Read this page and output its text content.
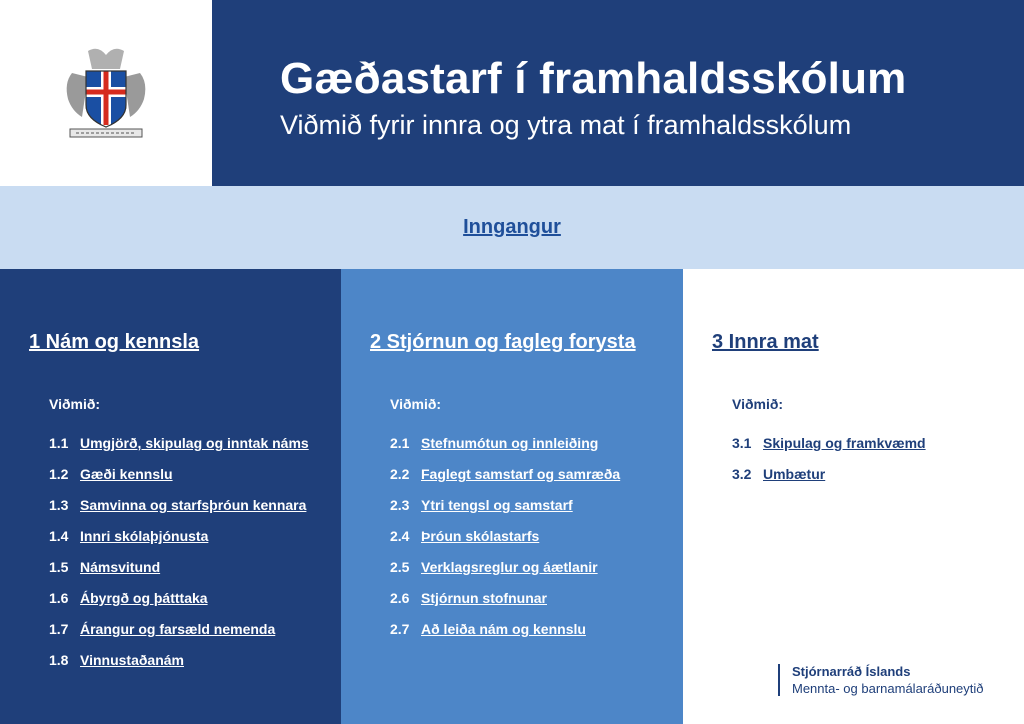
Gæðastarf í framhaldsskólum
Viðmið fyrir innra og ytra mat í framhaldsskólum
Inngangur
1 Nám og kennsla
Viðmið:
1.1 Umgjörð, skipulag og inntak náms
1.2 Gæði kennslu
1.3 Samvinna og starfsþróun kennara
1.4 Innri skólaþjónusta
1.5 Námsvitund
1.6 Ábyrgð og þátttaka
1.7 Árangur og farsæld nemenda
1.8 Vinnustaðanám
2 Stjórnun og fagleg forysta
Viðmið:
2.1 Stefnumótun og innleiðing
2.2 Faglegt samstarf og samræða
2.3 Ytri tengsl og samstarf
2.4 Þróun skólastarfs
2.5 Verklagsreglur og áætlanir
2.6 Stjórnun stofnunar
2.7 Að leiða nám og kennslu
3 Innra mat
Viðmið:
3.1 Skipulag og framkvæmd
3.2 Umbætur
Stjórnarráð Íslands
Mennta- og barnamálaráðuneytið
